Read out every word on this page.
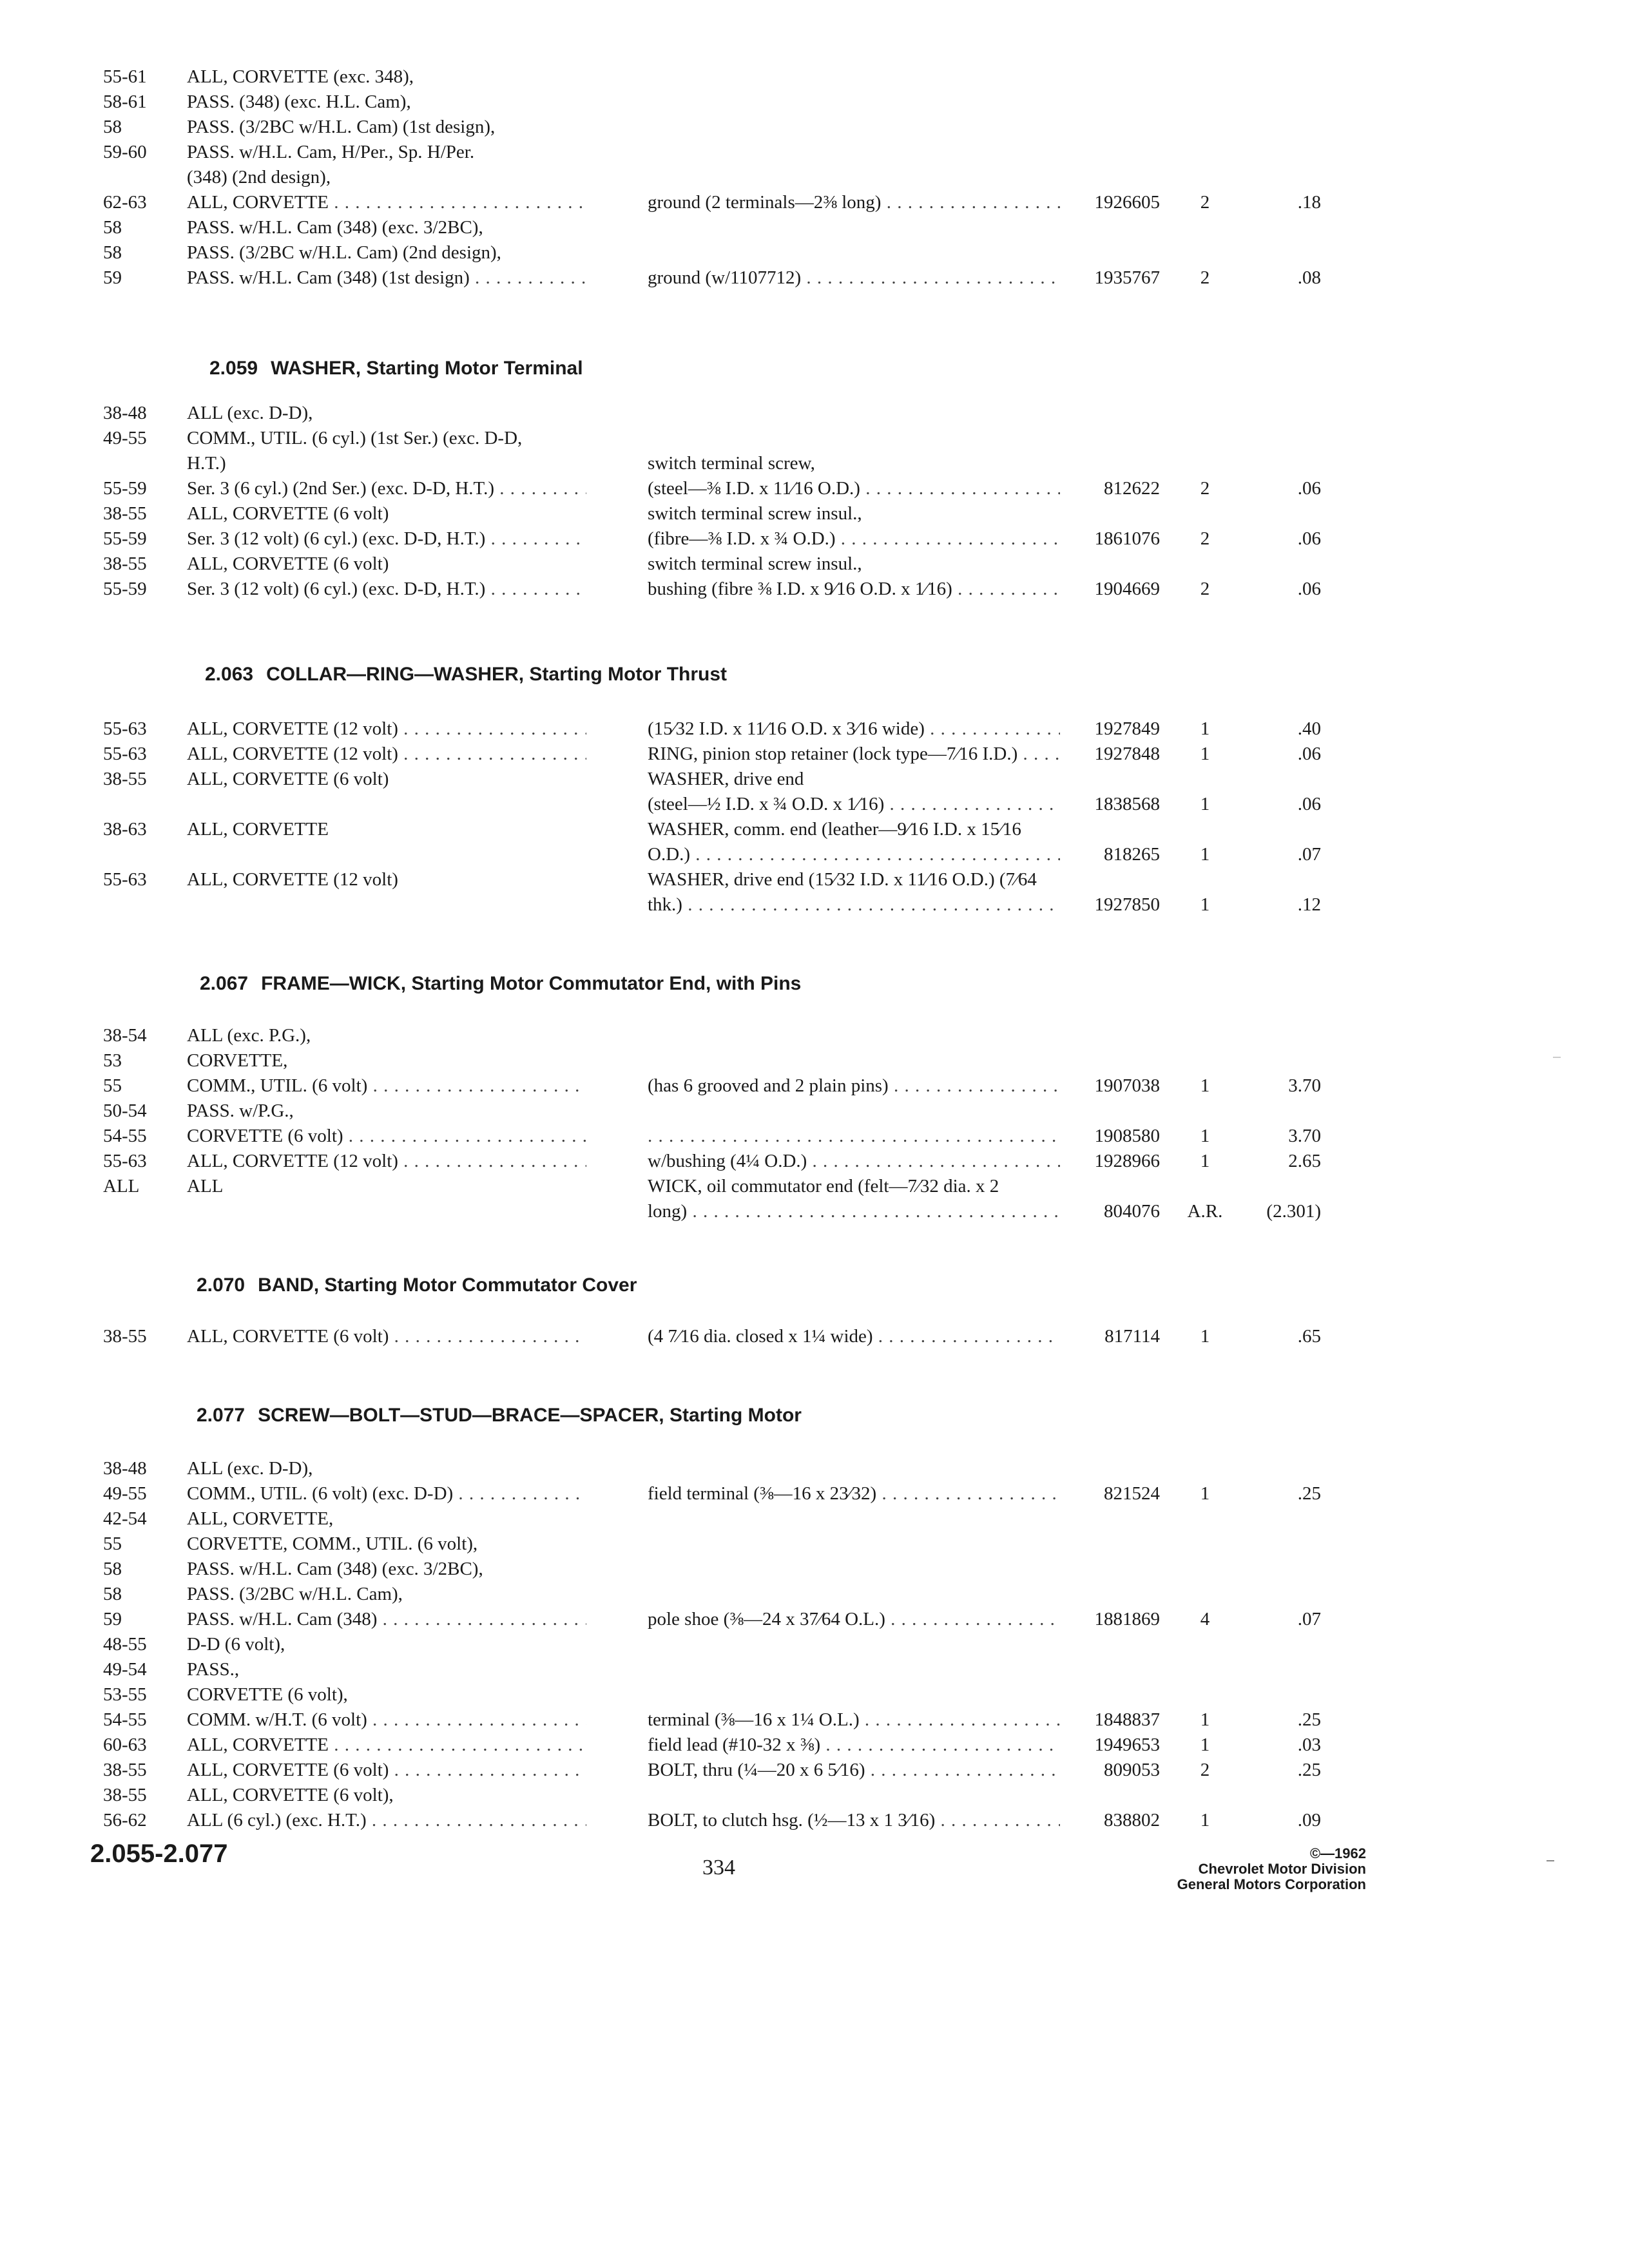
55-61	ALL, CORVETTE (exc. 348),
58-61	PASS. (348) (exc. H.L. Cam),
58	PASS. (3/2BC w/H.L. Cam) (1st design),
59-60	PASS. w/H.L. Cam, H/Per., Sp. H/Per.
(348) (2nd design),
62-63	ALL, CORVETTE . . .	ground (2 terminals—2⅜ long) . . .	1926605	2	.18
58	PASS. w/H.L. Cam (348) (exc. 3/2BC),
58	PASS. (3/2BC w/H.L. Cam) (2nd design),
59	PASS. w/H.L. Cam (348) (1st design) . . .	ground (w/1107712) . . .	1935767	2	.08
2.059 WASHER, Starting Motor Terminal
38-48	ALL (exc. D-D),
49-55	COMM., UTIL. (6 cyl.) (1st Ser.) (exc. D-D,
H.T.)	switch terminal screw,
55-59	Ser. 3 (6 cyl.) (2nd Ser.) (exc. D-D, H.T.) . . .	(steel—⅜ I.D. x 11⁄16 O.D.) . . .	812622	2	.06
38-55	ALL, CORVETTE (6 volt)	switch terminal screw insul.,
55-59	Ser. 3 (12 volt) (6 cyl.) (exc. D-D, H.T.) . . .	(fibre—⅜ I.D. x ¾ O.D.) . . .	1861076	2	.06
38-55	ALL, CORVETTE (6 volt)	switch terminal screw insul.,
55-59	Ser. 3 (12 volt) (6 cyl.) (exc. D-D, H.T.) . . .	bushing (fibre ⅜ I.D. x 9⁄16 O.D. x 1⁄16) . . .	1904669	2	.06
2.063 COLLAR—RING—WASHER, Starting Motor Thrust
55-63	ALL, CORVETTE (12 volt) . . .	(15⁄32 I.D. x 11⁄16 O.D. x 3⁄16 wide) . . .	1927849	1	.40
55-63	ALL, CORVETTE (12 volt) . . .	RING, pinion stop retainer (lock type—7⁄16 I.D.) . . .	1927848	1	.06
38-55	ALL, CORVETTE (6 volt)	WASHER, drive end
(steel—½ I.D. x ¾ O.D. x 1⁄16) . . .	1838568	1	.06
38-63	ALL, CORVETTE	WASHER, comm. end (leather—9⁄16 I.D. x 15⁄16
O.D.) . . .	818265	1	.07
55-63	ALL, CORVETTE (12 volt)	WASHER, drive end (15⁄32 I.D. x 11⁄16 O.D.) (7⁄64
thk.) . . .	1927850	1	.12
2.067 FRAME—WICK, Starting Motor Commutator End, with Pins
38-54	ALL (exc. P.G.),
53	CORVETTE,
55	COMM., UTIL. (6 volt) . . .	(has 6 grooved and 2 plain pins) . . .	1907038	1	3.70
50-54	PASS. w/P.G.,
54-55	CORVETTE (6 volt) . . .
. . .	1908580	1	3.70
55-63	ALL, CORVETTE (12 volt) . . .	w/bushing (4¼ O.D.) . . .	1928966	1	2.65
ALL	ALL	WICK, oil commutator end (felt—7⁄32 dia. x 2
long) . . .	804076 A.R.	(2.301)
2.070 BAND, Starting Motor Commutator Cover
38-55	ALL, CORVETTE (6 volt) . . .	(4 7⁄16 dia. closed x 1¼ wide) . . .	817114	1	.65
2.077 SCREW—BOLT—STUD—BRACE—SPACER, Starting Motor
38-48	ALL (exc. D-D),
49-55	COMM., UTIL. (6 volt) (exc. D-D) . . .	field terminal (⅜—16 x 23⁄32) . . .	821524	1	.25
42-54	ALL, CORVETTE,
55	CORVETTE, COMM., UTIL. (6 volt),
58	PASS. w/H.L. Cam (348) (exc. 3/2BC),
58	PASS. (3/2BC w/H.L. Cam),
59	PASS. w/H.L. Cam (348) . . .	pole shoe (⅜—24 x 37⁄64 O.L.) . . .	1881869	4	.07
48-55	D-D (6 volt),
49-54	PASS.,
53-55	CORVETTE (6 volt),
54-55	COMM. w/H.T. (6 volt) . . .	terminal (⅜—16 x 1¼ O.L.) . . .	1848837	1	.25
60-63	ALL, CORVETTE . . .	field lead (#10-32 x ⅜) . . .	1949653	1	.03
38-55	ALL, CORVETTE (6 volt) . . .	BOLT, thru (¼—20 x 6 5⁄16) . . .	809053	2	.25
38-55	ALL, CORVETTE (6 volt),
56-62	ALL (6 cyl.) (exc. H.T.) . . .	BOLT, to clutch hsg. (½—13 x 1 3⁄16) . . .	838802	1	.09
2.055-2.077	334
©—1962
Chevrolet Motor Division
General Motors Corporation
